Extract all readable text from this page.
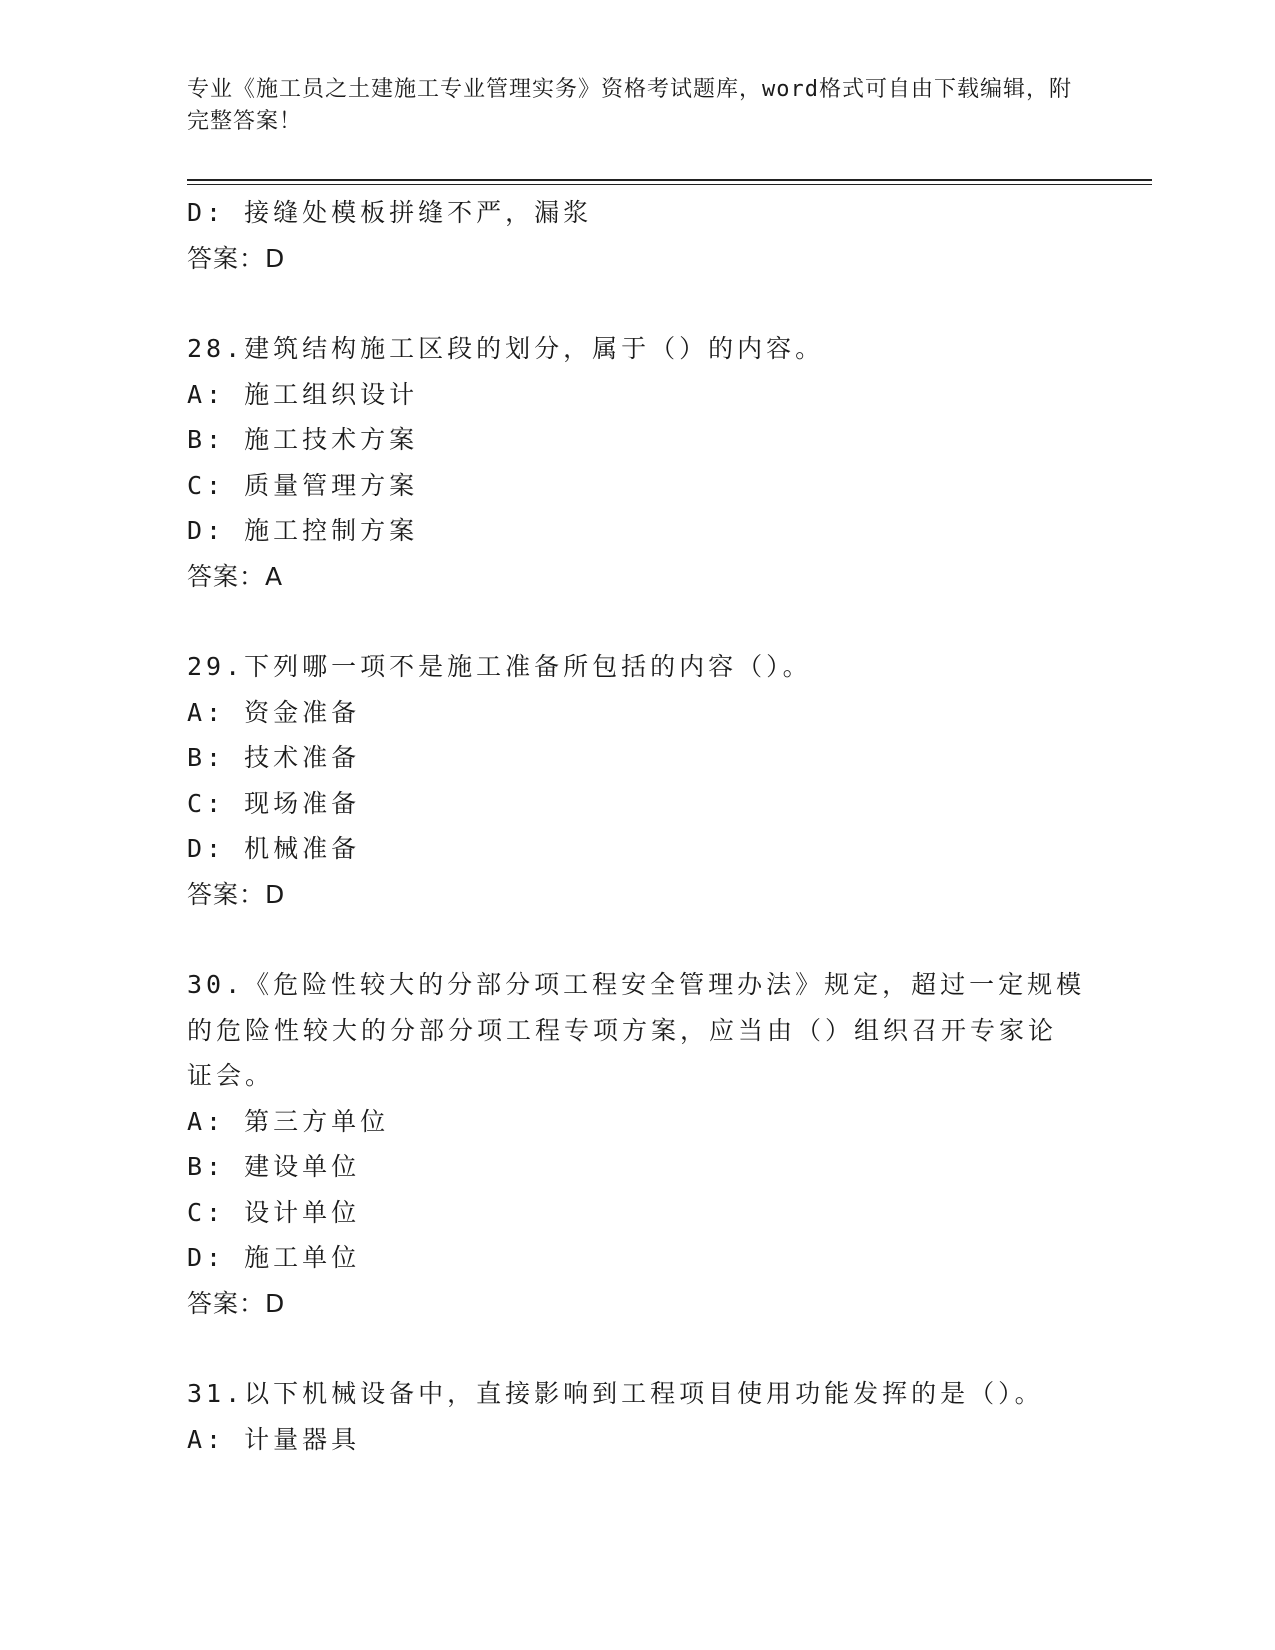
专业《施工员之土建施工专业管理实务》资格考试题库，word格式可自由下载编辑，附完整答案！
D: 接缝处模板拼缝不严，漏浆
答案：D
28.建筑结构施工区段的划分，属于（）的内容。
A: 施工组织设计
B: 施工技术方案
C: 质量管理方案
D: 施工控制方案
答案：A
29.下列哪一项不是施工准备所包括的内容（）。
A: 资金准备
B: 技术准备
C: 现场准备
D: 机械准备
答案：D
30.《危险性较大的分部分项工程安全管理办法》规定，超过一定规模
的危险性较大的分部分项工程专项方案，应当由（）组织召开专家论
证会。
A: 第三方单位
B: 建设单位
C: 设计单位
D: 施工单位
答案：D
31.以下机械设备中，直接影响到工程项目使用功能发挥的是（）。
A: 计量器具
